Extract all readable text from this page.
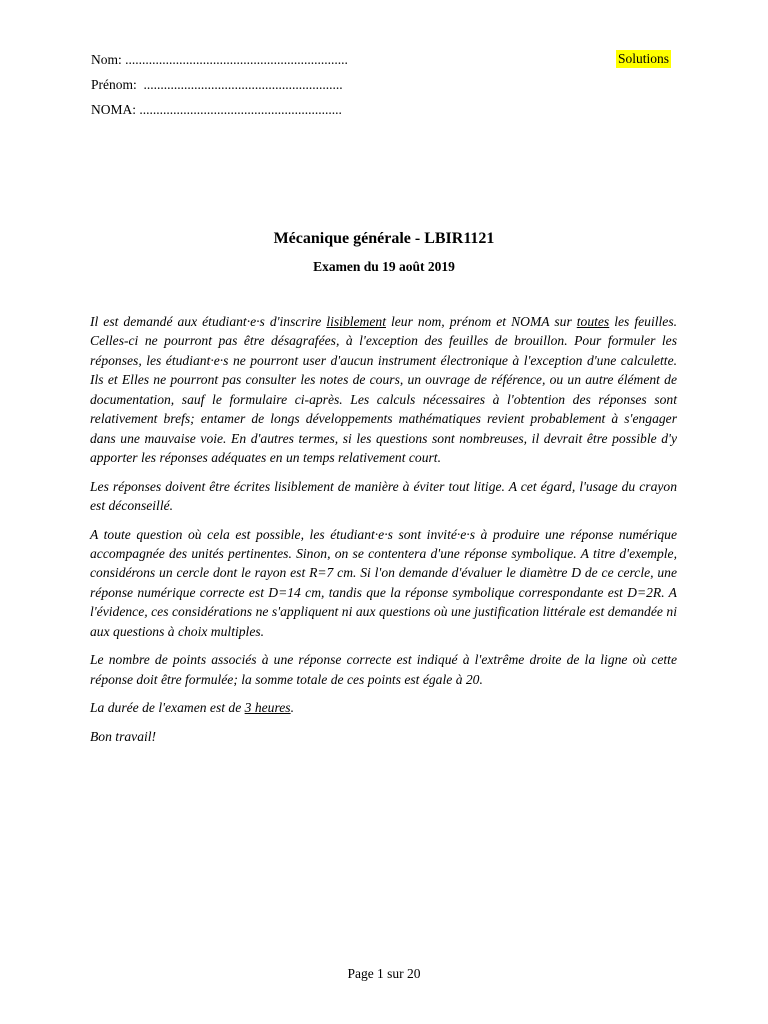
Nom: ..................................................................
Prénom: ...........................................................
NOMA: ............................................................
Solutions
Mécanique générale - LBIR1121
Examen du 19 août 2019

Il est demandé aux étudiant·e·s d'inscrire lisiblement leur nom, prénom et NOMA sur toutes les feuilles. Celles-ci ne pourront pas être désagrafées, à l'exception des feuilles de brouillon. Pour formuler les réponses, les étudiant·e·s ne pourront user d'aucun instrument électronique à l'exception d'une calculette. Ils et Elles ne pourront pas consulter les notes de cours, un ouvrage de référence, ou un autre élément de documentation, sauf le formulaire ci-après. Les calculs nécessaires à l'obtention des réponses sont relativement brefs; entamer de longs développements mathématiques revient probablement à s'engager dans une mauvaise voie. En d'autres termes, si les questions sont nombreuses, il devrait être possible d'y apporter les réponses adéquates en un temps relativement court.

Les réponses doivent être écrites lisiblement de manière à éviter tout litige. A cet égard, l'usage du crayon est déconseillé.

A toute question où cela est possible, les étudiant·e·s sont invité·e·s à produire une réponse numérique accompagnée des unités pertinentes. Sinon, on se contentera d'une réponse symbolique. A titre d'exemple, considérons un cercle dont le rayon est R=7 cm. Si l'on demande d'évaluer le diamètre D de ce cercle, une réponse numérique correcte est D=14 cm, tandis que la réponse symbolique correspondante est D=2R. A l'évidence, ces considérations ne s'appliquent ni aux questions où une justification littérale est demandée ni aux questions à choix multiples.

Le nombre de points associés à une réponse correcte est indiqué à l'extrême droite de la ligne où cette réponse doit être formulée; la somme totale de ces points est égale à 20.

La durée de l'examen est de 3 heures.

Bon travail!

Page 1 sur 20
